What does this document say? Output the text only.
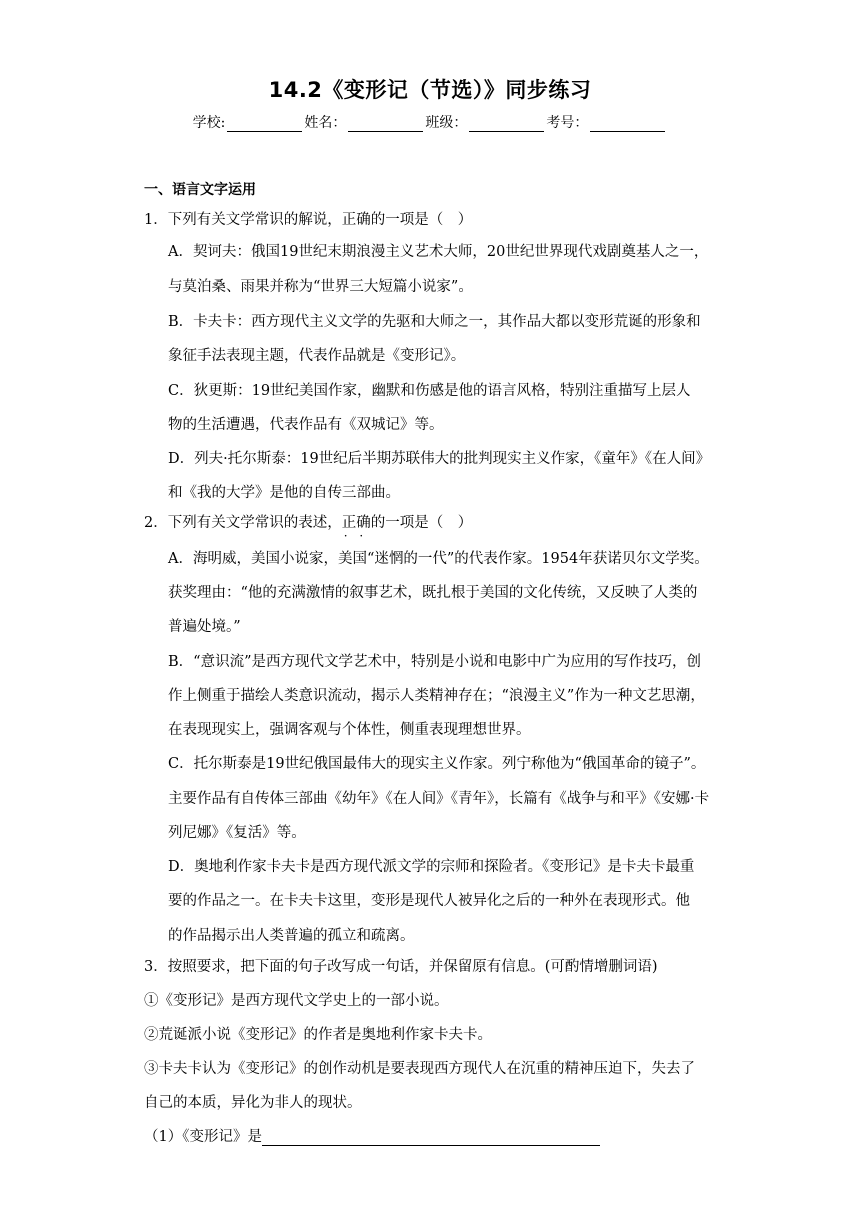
14.2《变形记（节选）》同步练习
学校:	姓名：	班级：	考号：
一、语言文字运用
1．下列有关文学常识的解说，正确的一项是（　）
A．契诃夫：俄国19世纪末期浪漫主义艺术大师，20世纪世界现代戏剧奠基人之一，
与莫泊桑、雨果并称为“世界三大短篇小说家”。
B．卡夫卡：西方现代主义文学的先驱和大师之一，其作品大都以变形荒诞的形象和
象征手法表现主题，代表作品就是《变形记》。
C．狄更斯：19世纪美国作家，幽默和伤感是他的语言风格，特别注重描写上层人
物的生活遭遇，代表作品有《双城记》等。
D．列夫·托尔斯泰：19世纪后半期苏联伟大的批判现实主义作家，《童年》《在人间》
和《我的大学》是他的自传三部曲。
2．下列有关文学常识的表述，正确 · ·的一项是（　）
A．海明威，美国小说家，美国“迷惘的一代”的代表作家。1954年获诺贝尔文学奖。
获奖理由：“他的充满激情的叙事艺术，既扎根于美国的文化传统，又反映了人类的
普遍处境。”
B．“意识流”是西方现代文学艺术中，特别是小说和电影中广为应用的写作技巧，创
作上侧重于描绘人类意识流动，揭示人类精神存在；“浪漫主义”作为一种文艺思潮，
在表现现实上，强调客观与个体性，侧重表现理想世界。
C．托尔斯泰是19世纪俄国最伟大的现实主义作家。列宁称他为“俄国革命的镜子”。
主要作品有自传体三部曲《幼年》《在人间》《青年》，长篇有《战争与和平》《安娜·卡
列尼娜》《复活》等。
D．奥地利作家卡夫卡是西方现代派文学的宗师和探险者。《变形记》是卡夫卡最重
要的作品之一。在卡夫卡这里，变形是现代人被异化之后的一种外在表现形式。他
的作品揭示出人类普遍的孤立和疏离。
3．按照要求，把下面的句子改写成一句话，并保留原有信息。(可酌情增删词语)
①《变形记》是西方现代文学史上的一部小说。
②荒诞派小说《变形记》的作者是奥地利作家卡夫卡。
③卡夫卡认为《变形记》的创作动机是要表现西方现代人在沉重的精神压迫下，失去了
自己的本质，异化为非人的现状。
（1）《变形记》是
